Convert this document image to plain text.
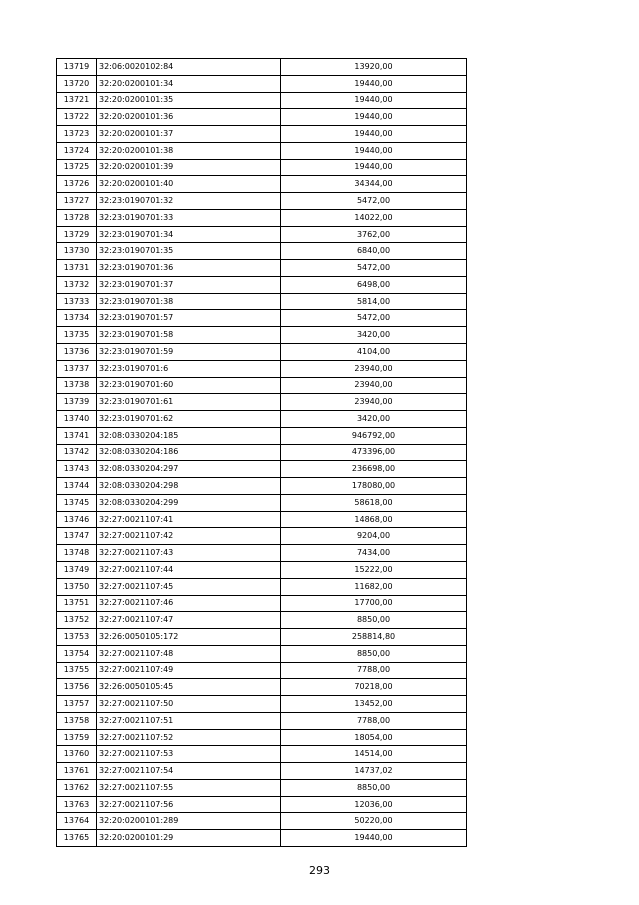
13719	32:06:0020102:84	13920,00
13720	32:20:0200101:34	19440,00
13721	32:20:0200101:35	19440,00
13722	32:20:0200101:36	19440,00
13723	32:20:0200101:37	19440,00
13724	32:20:0200101:38	19440,00
13725	32:20:0200101:39	19440,00
13726	32:20:0200101:40	34344,00
13727	32:23:0190701:32	5472,00
13728	32:23:0190701:33	14022,00
13729	32:23:0190701:34	3762,00
13730	32:23:0190701:35	6840,00
13731	32:23:0190701:36	5472,00
13732	32:23:0190701:37	6498,00
13733	32:23:0190701:38	5814,00
13734	32:23:0190701:57	5472,00
13735	32:23:0190701:58	3420,00
13736	32:23:0190701:59	4104,00
13737	32:23:0190701:6	23940,00
13738	32:23:0190701:60	23940,00
13739	32:23:0190701:61	23940,00
13740	32:23:0190701:62	3420,00
13741	32:08:0330204:185	946792,00
13742	32:08:0330204:186	473396,00
13743	32:08:0330204:297	236698,00
13744	32:08:0330204:298	178080,00
13745	32:08:0330204:299	58618,00
13746	32:27:0021107:41	14868,00
13747	32:27:0021107:42	9204,00
13748	32:27:0021107:43	7434,00
13749	32:27:0021107:44	15222,00
13750	32:27:0021107:45	11682,00
13751	32:27:0021107:46	17700,00
13752	32:27:0021107:47	8850,00
13753	32:26:0050105:172	258814,80
13754	32:27:0021107:48	8850,00
13755	32:27:0021107:49	7788,00
13756	32:26:0050105:45	70218,00
13757	32:27:0021107:50	13452,00
13758	32:27:0021107:51	7788,00
13759	32:27:0021107:52	18054,00
13760	32:27:0021107:53	14514,00
13761	32:27:0021107:54	14737,02
13762	32:27:0021107:55	8850,00
13763	32:27:0021107:56	12036,00
13764	32:20:0200101:289	50220,00
13765	32:20:0200101:29	19440,00
293
